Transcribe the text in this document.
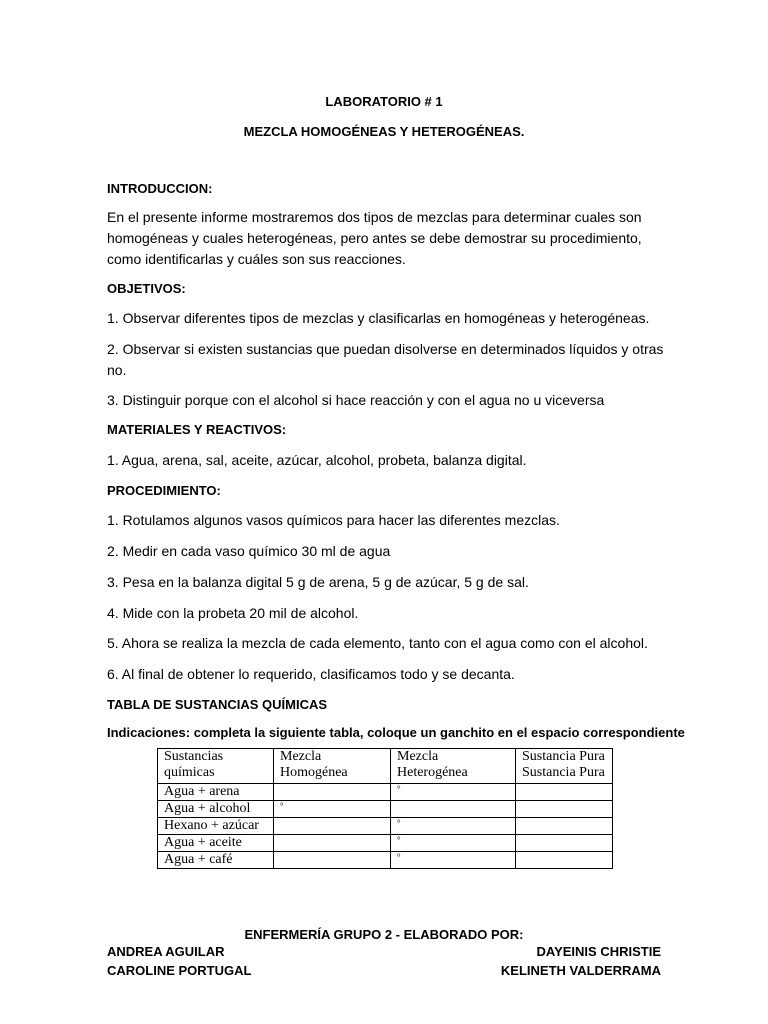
LABORATORIO # 1
MEZCLA HOMOGÉNEAS Y HETEROGÉNEAS.
INTRODUCCION:
En el presente informe mostraremos dos tipos de mezclas para determinar cuales son homogéneas y cuales heterogéneas, pero antes se debe demostrar su procedimiento, como identificarlas y cuáles son sus reacciones.
OBJETIVOS:
1. Observar diferentes tipos de mezclas y clasificarlas en homogéneas y heterogéneas.
2. Observar si existen sustancias que puedan disolverse en determinados líquidos y otras no.
3. Distinguir porque con el alcohol si hace reacción y con el agua no u viceversa
MATERIALES Y REACTIVOS:
1. Agua, arena, sal, aceite, azúcar, alcohol, probeta, balanza digital.
PROCEDIMIENTO:
1. Rotulamos algunos vasos químicos para hacer las diferentes mezclas.
2. Medir en cada vaso químico 30 ml de agua
3. Pesa en la balanza digital 5 g de arena, 5 g de azúcar, 5 g de sal.
4. Mide con la probeta 20 mil de alcohol.
5. Ahora se realiza la mezcla de cada elemento, tanto con el agua como con el alcohol.
6. Al final de obtener lo requerido, clasificamos todo y se decanta.
TABLA DE SUSTANCIAS QUÍMICAS
Indicaciones: completa la siguiente tabla, coloque un ganchito en el espacio correspondiente
Sustancias químicas	Mezcla Homogénea	Mezcla Heterogénea	Sustancia Pura Sustancia Pura
Agua + arena		°	
Agua + alcohol	°		
Hexano + azúcar		°	
Agua + aceite		°	
Agua + café		°	
ENFERMERÍA GRUPO 2 - ELABORADO POR:
ANDREA AGUILAR
CAROLINE PORTUGAL
DAYEINIS CHRISTIE
KELINETH VALDERRAMA
